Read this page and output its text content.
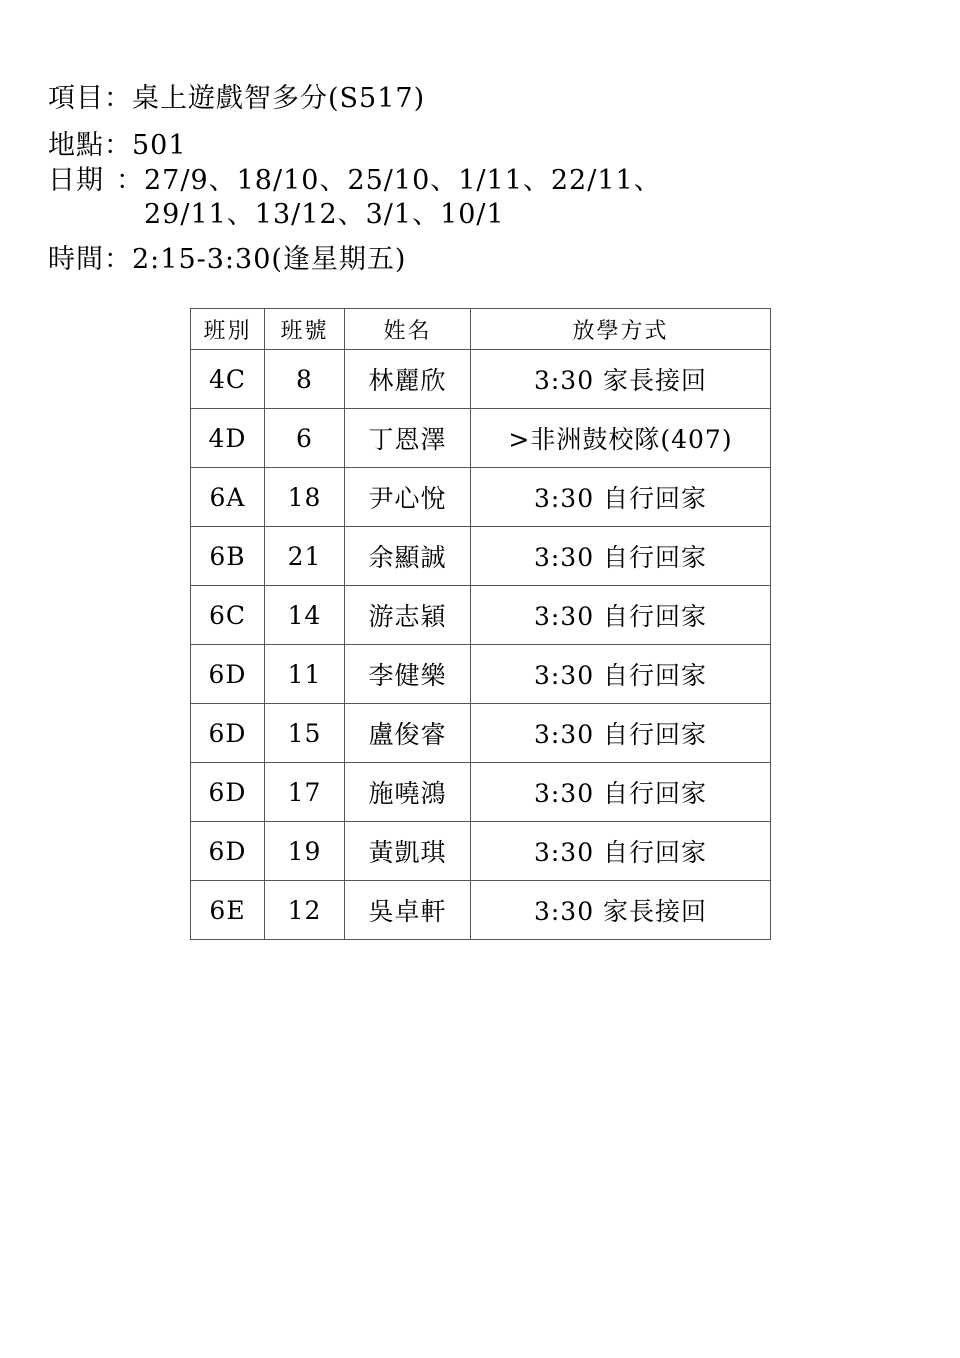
項目：桌上遊戲智多分(S517)
地點：501
日期 ： 27/9、18/10、25/10、1/11、22/11、
29/11、13/12、3/1、10/1
時間：2:15-3:30(逢星期五)
班別	班號	姓名	放學方式
4C	8	林麗欣	3:30 家長接回
4D	6	丁恩澤	>非洲鼓校隊(407)
6A	18	尹心悅	3:30 自行回家
6B	21	余顯誠	3:30 自行回家
6C	14	游志穎	3:30 自行回家
6D	11	李健樂	3:30 自行回家
6D	15	盧俊睿	3:30 自行回家
6D	17	施嘵鴻	3:30 自行回家
6D	19	黃凱琪	3:30 自行回家
6E	12	吳卓軒	3:30 家長接回
